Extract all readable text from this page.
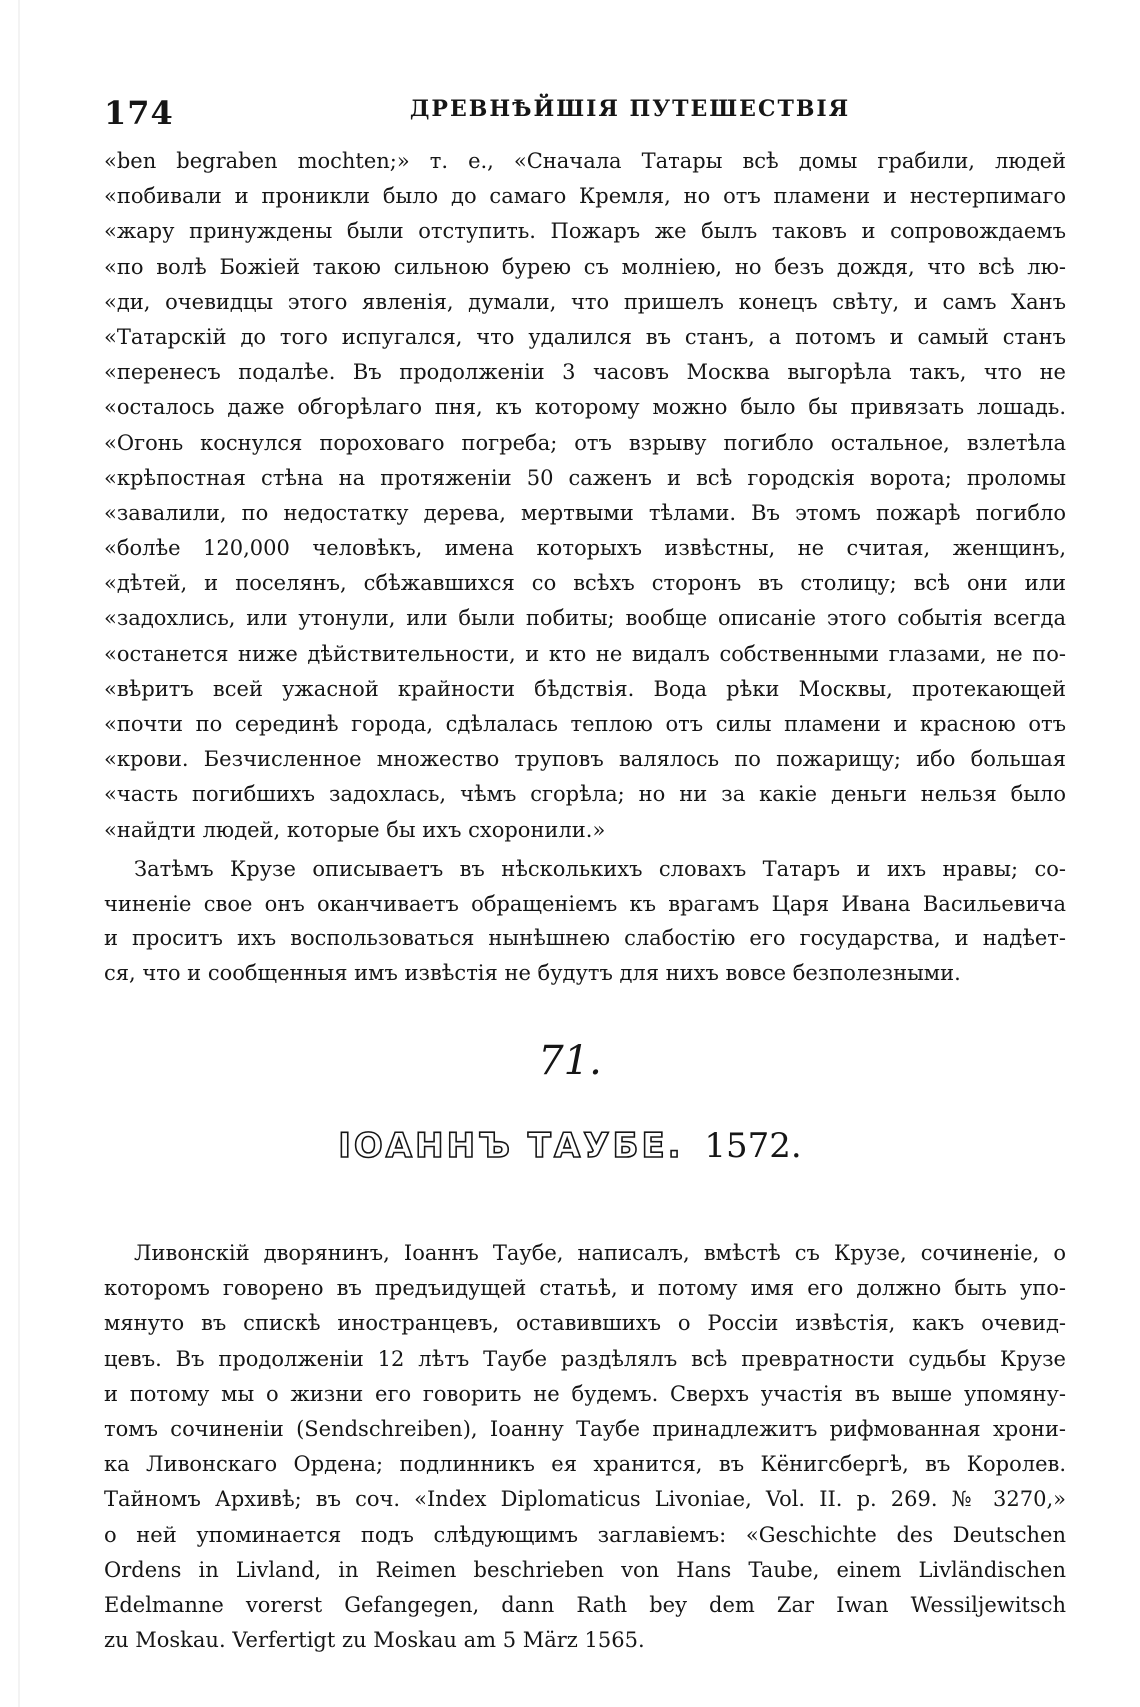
174	ДРЕВНѢЙШІЯ ПУТЕШЕСТВІЯ
«ben begraben mochten;» т. е., «Сначала Татары всѣ домы грабили, людей
«побивали и проникли было до самаго Кремля, но отъ пламени и нестерпимаго
«жару принуждены были отступить. Пожаръ же былъ таковъ и сопровождаемъ
«по волѣ Божіей такою сильною бурею съ молніею, но безъ дождя, что всѣ лю-
«ди, очевидцы этого явленія, думали, что пришелъ конецъ свѣту, и самъ Ханъ
«Татарскій до того испугался, что удалился въ станъ, а потомъ и самый станъ
«перенесъ подалѣе. Въ продолженіи 3 часовъ Москва выгорѣла такъ, что не
«осталось даже обгорѣлаго пня, къ которому можно было бы привязать лошадь.
«Огонь коснулся пороховаго погреба; отъ взрыву погибло остальное, взлетѣла
«крѣпостная стѣна на протяженіи 50 саженъ и всѣ городскія ворота; проломы
«завалили, по недостатку дерева, мертвыми тѣлами. Въ этомъ пожарѣ погибло
«болѣе 120,000 человѣкъ, имена которыхъ извѣстны, не считая, женщинъ,
«дѣтей, и поселянъ, сбѣжавшихся со всѣхъ сторонъ въ столицу; всѣ они или
«задохлись, или утонули, или были побиты; вообще описаніе этого событія всегда
«останется ниже дѣйствительности, и кто не видалъ собственными глазами, не по-
«вѣритъ всей ужасной крайности бѣдствія. Вода рѣки Москвы, протекающей
«почти по серединѣ города, сдѣлалась теплою отъ силы пламени и красною отъ
«крови. Безчисленное множество труповъ валялось по пожарищу; ибо большая
«часть погибшихъ задохлась, чѣмъ сгорѣла; но ни за какіе деньги нельзя было
«найдти людей, которые бы ихъ схоронили.»
Затѣмъ Крузе описываетъ въ нѣсколькихъ словахъ Татаръ и ихъ нравы; со-
чиненіе свое онъ оканчиваетъ обращеніемъ къ врагамъ Царя Ивана Васильевича
и проситъ ихъ воспользоваться нынѣшнею слабостію его государства, и надѣет-
ся, что и сообщенныя имъ извѣстія не будутъ для нихъ вовсе безполезными.
71.
ІОАННЪ ТАУБЕ. 1572.
Ливонскій дворянинъ, Іоаннъ Таубе, написалъ, вмѣстѣ съ Крузе, сочиненіе, о
которомъ говорено въ предъидущей статьѣ, и потому имя его должно быть упо-
мянуто въ спискѣ иностранцевъ, оставившихъ о Россіи извѣстія, какъ очевид-
цевъ. Въ продолженіи 12 лѣтъ Таубе раздѣлялъ всѣ превратности судьбы Крузе
и потому мы о жизни его говорить не будемъ. Сверхъ участія въ выше упомяну-
томъ сочиненіи (Sendschreiben), Іоанну Таубе принадлежитъ рифмованная хрони-
ка Ливонскаго Ордена; подлинникъ ея хранится, въ Кёнигсбергѣ, въ Королев.
Тайномъ Архивѣ; въ соч. «Index Diplomaticus Livoniae, Vol. II. p. 269. № 3270,»
о ней упоминается подъ слѣдующимъ заглавіемъ: «Geschichte des Deutschen
Ordens in Livland, in Reimen beschrieben von Hans Taube, einem Livländischen
Edelmanne vorerst Gefangegen, dann Rath bey dem Zar Iwan Wessiljewitsch
zu Moskau. Verfertigt zu Moskau am 5 März 1565.
